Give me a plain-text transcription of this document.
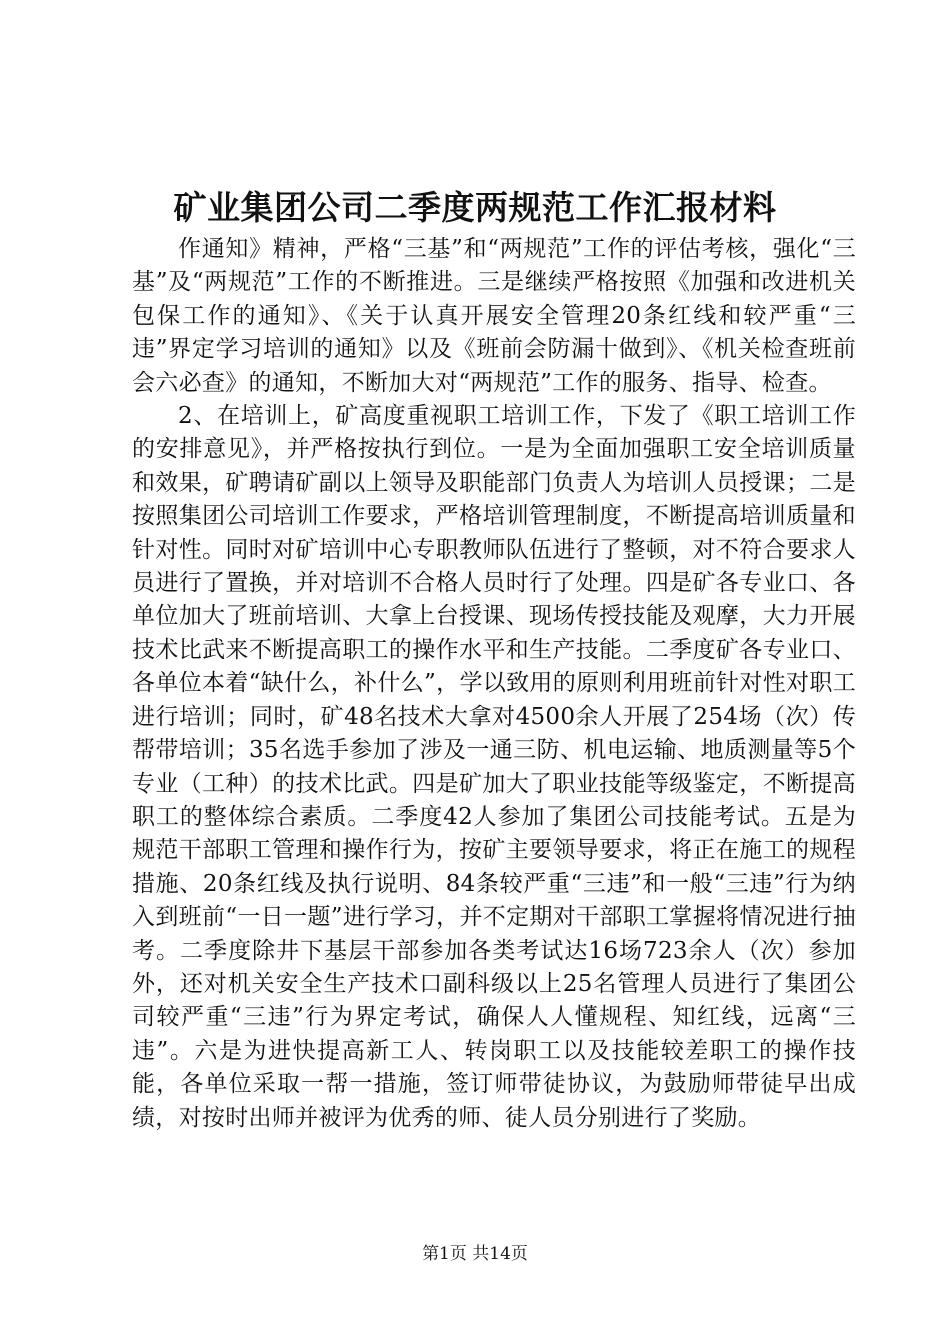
矿业集团公司二季度两规范工作汇报材料

作通知》精神，严格“三基”和“两规范”工作的评估考核，强化“三基”及“两规范”工作的不断推进。三是继续严格按照《加强和改进机关包保工作的通知》、《关于认真开展安全管理20条红线和较严重“三违”界定学习培训的通知》以及《班前会防漏十做到》、《机关检查班前会六必查》的通知，不断加大对“两规范”工作的服务、指导、检查。

2、在培训上，矿高度重视职工培训工作，下发了《职工培训工作的安排意见》，并严格按执行到位。一是为全面加强职工安全培训质量和效果，矿聘请矿副以上领导及职能部门负责人为培训人员授课；二是按照集团公司培训工作要求，严格培训管理制度，不断提高培训质量和针对性。同时对矿培训中心专职教师队伍进行了整顿，对不符合要求人员进行了置换，并对培训不合格人员时行了处理。四是矿各专业口、各单位加大了班前培训、大拿上台授课、现场传授技能及观摩，大力开展技术比武来不断提高职工的操作水平和生产技能。二季度矿各专业口、各单位本着“缺什么，补什么”，学以致用的原则利用班前针对性对职工进行培训；同时，矿48名技术大拿对4500余人开展了254场（次）传帮带培训；35名选手参加了涉及一通三防、机电运输、地质测量等5个专业（工种）的技术比武。四是矿加大了职业技能等级鉴定，不断提高职工的整体综合素质。二季度42人参加了集团公司技能考试。五是为规范干部职工管理和操作行为，按矿主要领导要求，将正在施工的规程措施、20条红线及执行说明、84条较严重“三违”和一般“三违”行为纳入到班前“一日一题”进行学习，并不定期对干部职工掌握将情况进行抽考。二季度除井下基层干部参加各类考试达16场723余人（次）参加外，还对机关安全生产技术口副科级以上25名管理人员进行了集团公司较严重“三违”行为界定考试，确保人人懂规程、知红线，远离“三违”。六是为进快提高新工人、转岗职工以及技能较差职工的操作技能，各单位采取一帮一措施，签订师带徒协议，为鼓励师带徒早出成绩，对按时出师并被评为优秀的师、徒人员分别进行了奖励。

第1页 共14页
